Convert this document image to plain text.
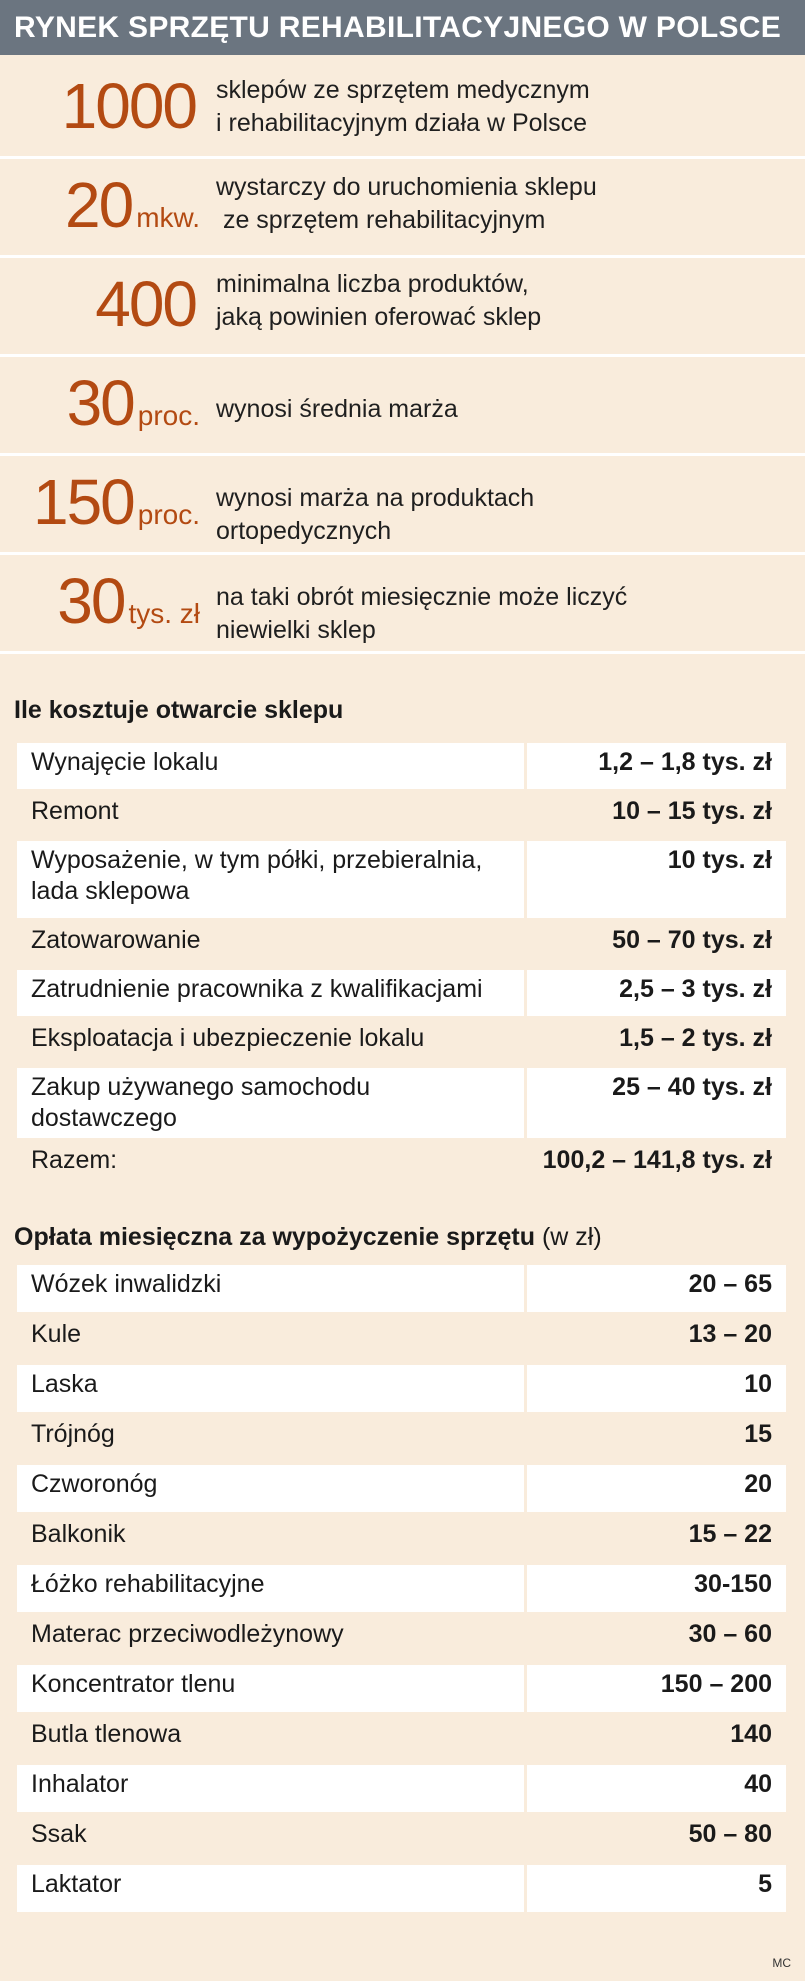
RYNEK SPRZĘTU REHABILITACYJNEGO W POLSCE
1000 sklepów ze sprzętem medycznym
i rehabilitacyjnym działa w Polsce
20 mkw.
wystarczy do uruchomienia sklepu
ze sprzętem rehabilitacyjnym
400 minimalna liczba produktów,
jaką powinien oferować sklep
30 proc. wynosi średnia marża
150 proc.
wynosi marża na produktach
ortopedycznych
30 tys. zł
na taki obrót miesięcznie może liczyć
niewielki sklep
Ile kosztuje otwarcie sklepu
Wynajęcie lokalu	1,2 – 1,8 tys. zł
Remont	10 – 15 tys. zł
Wyposażenie, w tym półki, przebieralnia, lada sklepowa	10 tys. zł
Zatowarowanie	50 – 70 tys. zł
Zatrudnienie pracownika z kwalifikacjami	2,5 – 3 tys. zł
Eksploatacja i ubezpieczenie lokalu	1,5 – 2 tys. zł
Zakup używanego samochodu dostawczego	25 – 40 tys. zł
Razem:	100,2 – 141,8 tys. zł
Opłata miesięczna za wypożyczenie sprzętu (w zł)
Wózek inwalidzki	20 – 65
Kule	13 – 20
Laska	10
Trójnóg	15
Czworonóg	20
Balkonik	15 – 22
Łóżko rehabilitacyjne	30-150
Materac przeciwodleżynowy	30 – 60
Koncentrator tlenu	150 – 200
Butla tlenowa	140
Inhalator	40
Ssak	50 – 80
Laktator	5
MC
